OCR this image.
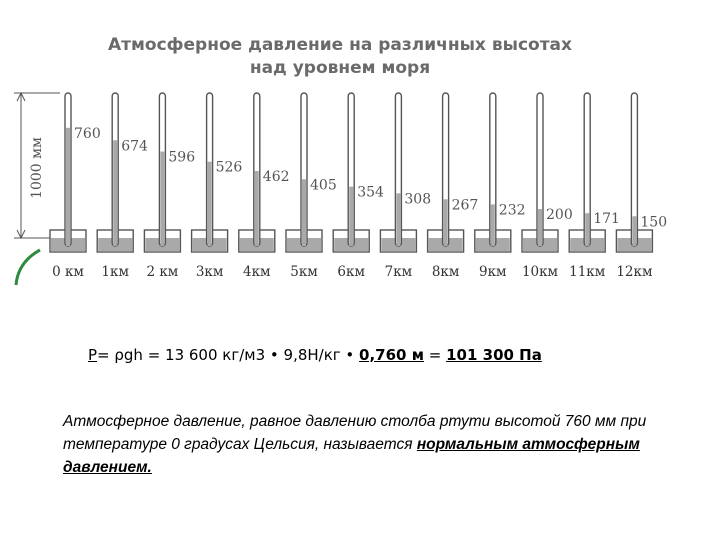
Атмосферное давление на различных высотах
над уровнем моря
1000 мм
760
0 км
674
1км
596
2 км
526
3км
462
4км
405
5км
354
6км
308
7км
267
8км
232
9км
200
10км
171
11км
150
12км
P= ρgh = 13 600 кг/м3 • 9,8Н/кг • 0,760 м = 101 300 Па
Атмосферное давление, равное давлению столба ртути высотой 760 мм при температуре 0 градусах Цельсия, называется нормальным атмосферным давлением.
